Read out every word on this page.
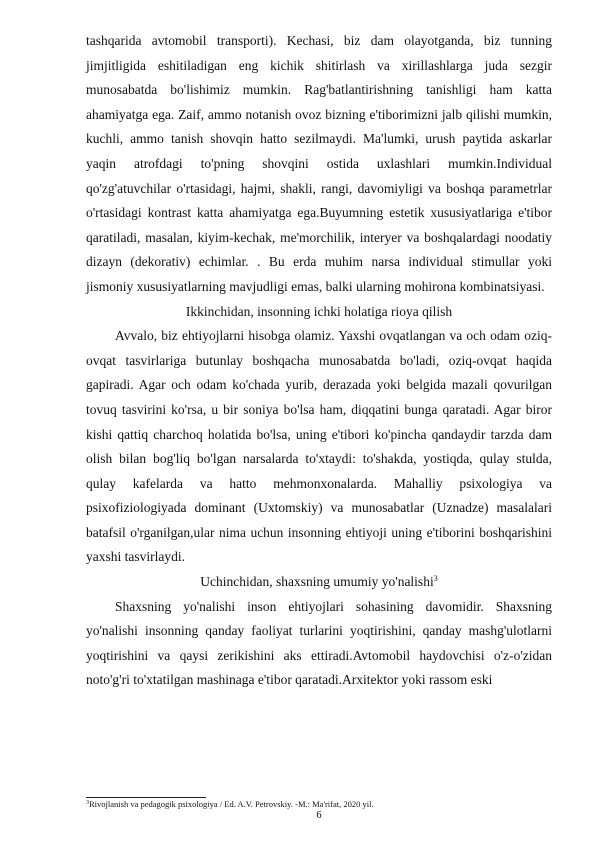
tashqarida avtomobil transporti). Kechasi, biz dam olayotganda, biz tunning jimjitligida eshitiladigan eng kichik shitirlash va xirillashlarga juda sezgir munosabatda bo'lishimiz mumkin. Rag'batlantirishning tanishligi ham katta ahamiyatga ega. Zaif, ammo notanish ovoz bizning e'tiborimizni jalb qilishi mumkin, kuchli, ammo tanish shovqin hatto sezilmaydi. Ma'lumki, urush paytida askarlar yaqin atrofdagi to'pning shovqini ostida uxlashlari mumkin.Individual qo'zg'atuvchilar o'rtasidagi, hajmi, shakli, rangi, davomiyligi va boshqa parametrlar o'rtasidagi kontrast katta ahamiyatga ega.Buyumning estetik xususiyatlariga e'tibor qaratiladi, masalan, kiyim-kechak, me'morchilik, interyer va boshqalardagi noodatiy dizayn (dekorativ) echimlar. . Bu erda muhim narsa individual stimullar yoki jismoniy xususiyatlarning mavjudligi emas, balki ularning mohirona kombinatsiyasi.

Ikkinchidan, insonning ichki holatiga rioya qilish

Avvalo, biz ehtiyojlarni hisobga olamiz. Yaxshi ovqatlangan va och odam oziq-ovqat tasvirlariga butunlay boshqacha munosabatda bo'ladi, oziq-ovqat haqida gapiradi. Agar och odam ko'chada yurib, derazada yoki belgida mazali qovurilgan tovuq tasvirini ko'rsa, u bir soniya bo'lsa ham, diqqatini bunga qaratadi. Agar biror kishi qattiq charchoq holatida bo'lsa, uning e'tibori ko'pincha qandaydir tarzda dam olish bilan bog'liq bo'lgan narsalarda to'xtaydi: to'shakda, yostiqda, qulay stulda, qulay kafelarda va hatto mehmonxonalarda. Mahalliy psixologiya va psixofiziologiyada dominant (Uxtomskiy) va munosabatlar (Uznadze) masalalari batafsil o'rganilgan,ular nima uchun insonning ehtiyoji uning e'tiborini boshqarishini yaxshi tasvirlaydi.

Uchinchidan, shaxsning umumiy yo'nalishi$^3$

Shaxsning yo'nalishi inson ehtiyojlari sohasining davomidir. Shaxsning yo'nalishi insonning qanday faoliyat turlarini yoqtirishini, qanday mashg'ulotlarni yoqtirishini va qaysi zerikishini aks ettiradi.Avtomobil haydovchisi o'z-o'zidan noto'g'ri to'xtatilgan mashinaga e'tibor qaratadi.Arxitektor yoki rassom eski

$^3$Rivojlanish va pedagogik psixologiya / Ed. A.V. Petrovskiy. -M.: Ma'rifat, 2020 yil.
6
